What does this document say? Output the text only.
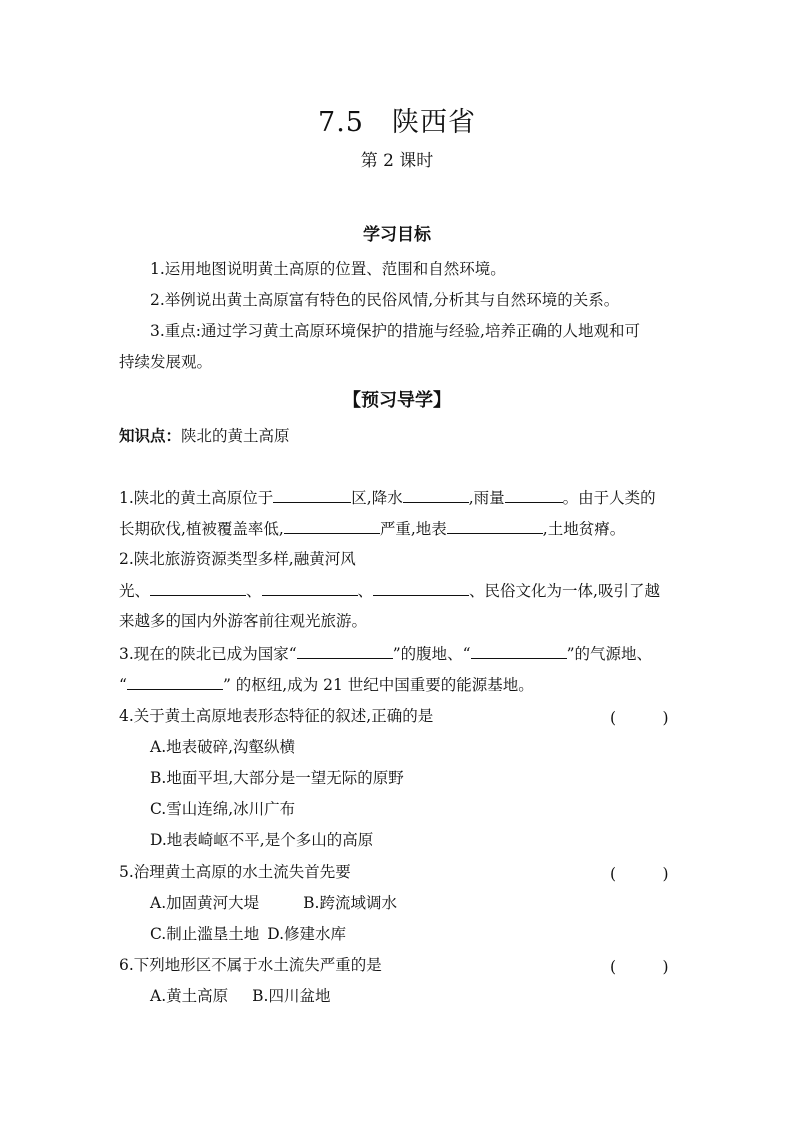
7.5　陕西省
第 2 课时
学习目标
1.运用地图说明黄土高原的位置、范围和自然环境。
2.举例说出黄土高原富有特色的民俗风情,分析其与自然环境的关系。
3.重点:通过学习黄土高原环境保护的措施与经验,培养正确的人地观和可
持续发展观。
【预习导学】
知识点：陕北的黄土高原
1.陕北的黄土高原位于	区,降水	,雨量	。由于人类的
长期砍伐,植被覆盖率低,	严重,地表	,土地贫瘠。
2.陕北旅游资源类型多样,融黄河风
光、	、	、	、民俗文化为一体,吸引了越
来越多的国内外游客前往观光旅游。
3.现在的陕北已成为国家“	”的腹地、“	”的气源地、
“	” 的枢纽,成为 21 世纪中国重要的能源基地。
4.关于黄土高原地表形态特征的叙述,正确的是	(　　　)
A.地表破碎,沟壑纵横
B.地面平坦,大部分是一望无际的原野
C.雪山连绵,冰川广布
D.地表崎岖不平,是个多山的高原
5.治理黄土高原的水土流失首先要	(　　　)
A.加固黄河大堤	B.跨流域调水
C.制止滥垦土地 D.修建水库
6.下列地形区不属于水土流失严重的是	(　　　)
A.黄土高原 B.四川盆地
